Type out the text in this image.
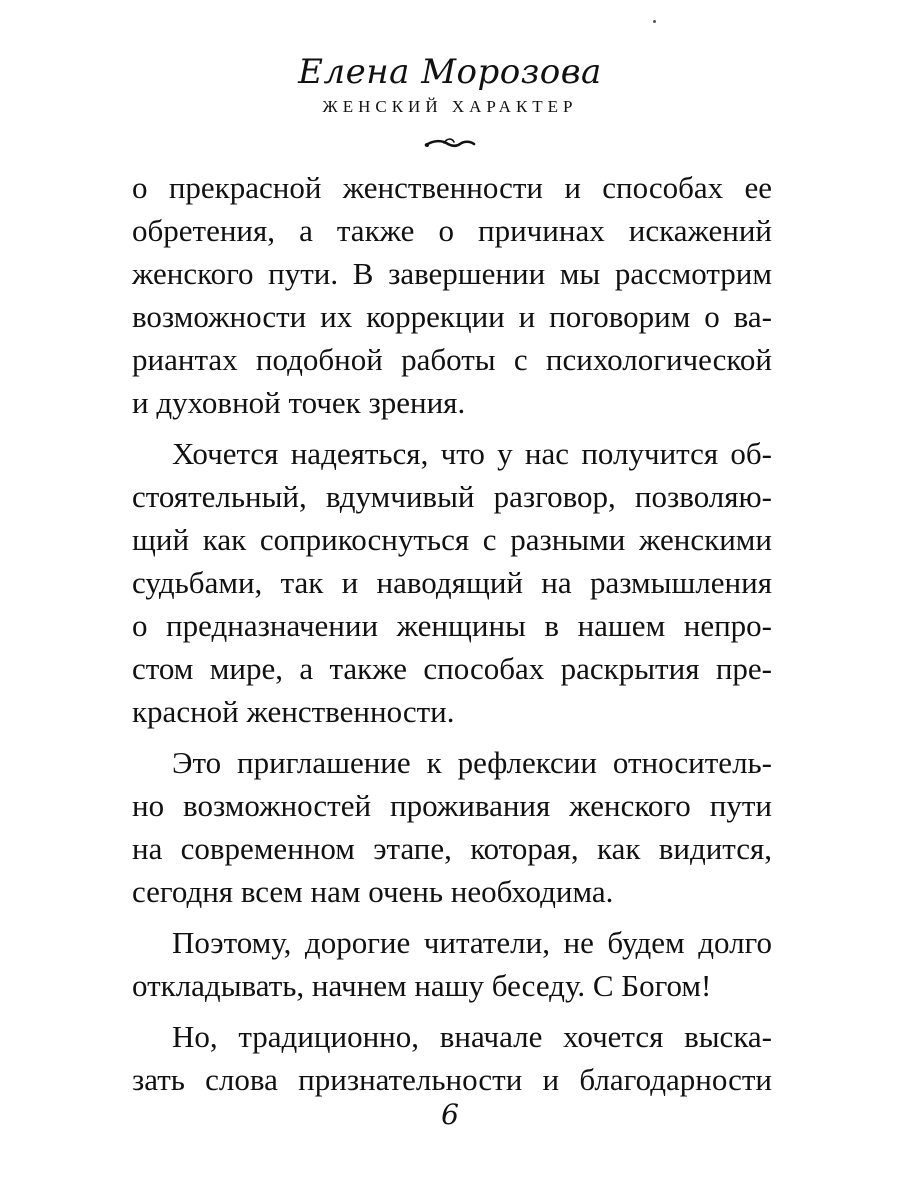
Елена Морозова
ЖЕНСКИЙ ХАРАКТЕР
о прекрасной женственности и способах ее
обретения, а также о причинах искажений
женского пути. В завершении мы рассмотрим
возможности их коррекции и поговорим о ва-
риантах подобной работы с психологической
и духовной точек зрения.
Хочется надеяться, что у нас получится об-
стоятельный, вдумчивый разговор, позволяю-
щий как соприкоснуться с разными женскими
судьбами, так и наводящий на размышления
о предназначении женщины в нашем непро-
стом мире, а также способах раскрытия пре-
красной женственности.
Это приглашение к рефлексии относитель-
но возможностей проживания женского пути
на современном этапе, которая, как видится,
сегодня всем нам очень необходима.
Поэтому, дорогие читатели, не будем долго
откладывать, начнем нашу беседу. С Богом!
Но, традиционно, вначале хочется выска-
зать слова признательности и благодарности
6
